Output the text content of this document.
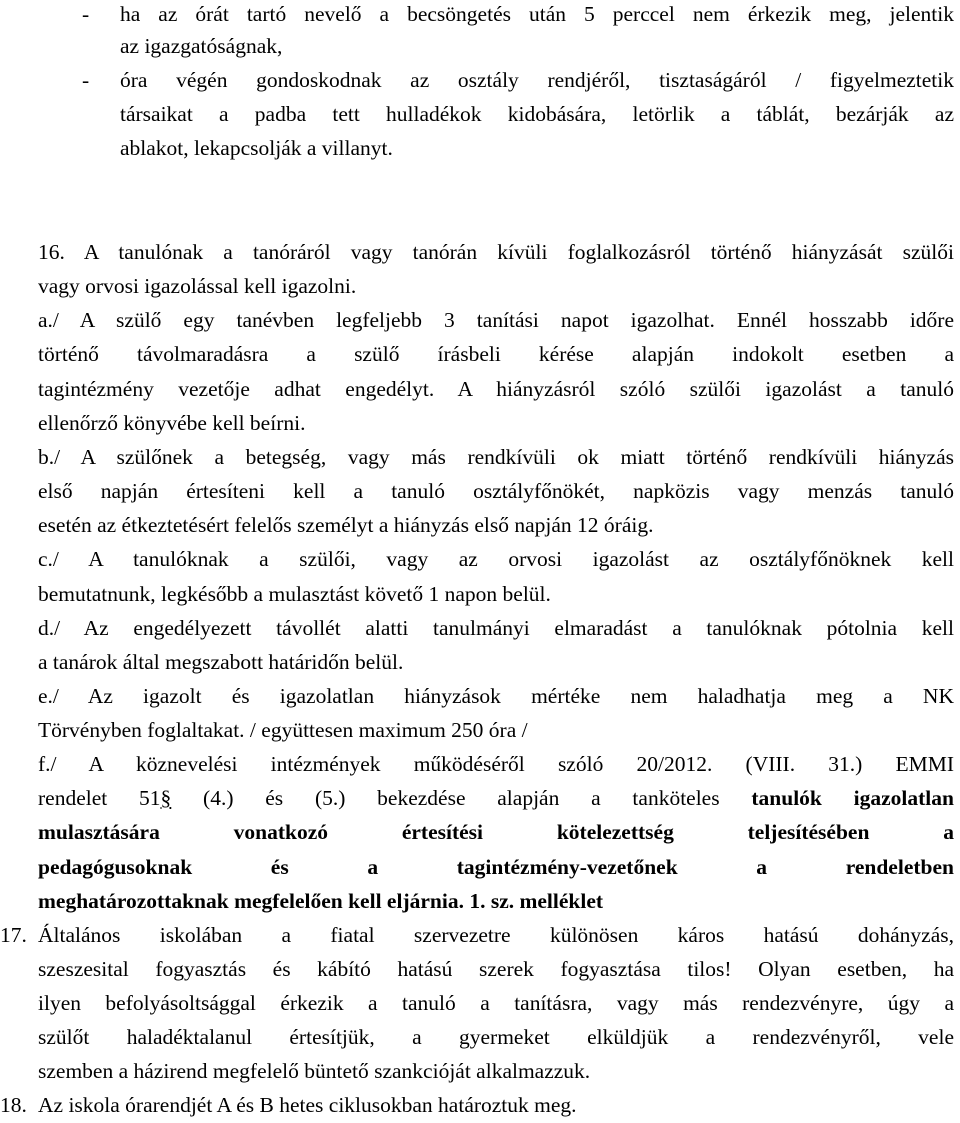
- ha az órát tartó nevelő a becsöngetés után 5 perccel nem érkezik meg, jelentik
az igazgatóságnak,
- óra végén gondoskodnak az osztály rendjéről, tisztaságáról / figyelmeztetik
társaikat a padba tett hulladékok kidobására, letörlik a táblát, bezárják az
ablakot, lekapcsolják a villanyt.
16. A tanulónak a tanóráról vagy tanórán kívüli foglalkozásról történő hiányzását szülői
vagy orvosi igazolással kell igazolni.
a./ A szülő egy tanévben legfeljebb 3 tanítási napot igazolhat. Ennél hosszabb időre
történő távolmaradásra a szülő írásbeli kérése alapján indokolt esetben a
tagintézmény vezetője adhat engedélyt. A hiányzásról szóló szülői igazolást a tanuló
ellenőrző könyvébe kell beírni.
b./ A szülőnek a betegség, vagy más rendkívüli ok miatt történő rendkívüli hiányzás
első napján értesíteni kell a tanuló osztályfőnökét, napközis vagy menzás tanuló
esetén az étkeztetésért felelős személyt a hiányzás első napján 12 óráig.
c./ A tanulóknak a szülői, vagy az orvosi igazolást az osztályfőnöknek kell
bemutatnunk, legkésőbb a mulasztást követő 1 napon belül.
d./ Az engedélyezett távollét alatti tanulmányi elmaradást a tanulóknak pótolnia kell
a tanárok által megszabott határidőn belül.
e./ Az igazolt és igazolatlan hiányzások mértéke nem haladhatja meg a NK
Törvényben foglaltakat. / együttesen maximum 250 óra /
f./ A köznevelési intézmények működéséről szóló 20/2012. (VIII. 31.) EMMI
rendelet 51§ (4.) és (5.) bekezdése alapján a tanköteles tanulók igazolatlan
mulasztására vonatkozó értesítési kötelezettség teljesítésében a
pedagógusoknak és a tagintézmény-vezetőnek a rendeletben
meghatározottaknak megfelelően kell eljárnia. 1. sz. melléklet
17. Általános iskolában a fiatal szervezetre különösen káros hatású dohányzás,
szeszesital fogyasztás és kábító hatású szerek fogyasztása tilos! Olyan esetben, ha
ilyen befolyásoltsággal érkezik a tanuló a tanításra, vagy más rendezvényre, úgy a
szülőt haladéktalanul értesítjük, a gyermeket elküldjük a rendezvényről, vele
szemben a házirend megfelelő büntető szankcióját alkalmazzuk.
18. Az iskola órarendjét A és B hetes ciklusokban határoztuk meg.
